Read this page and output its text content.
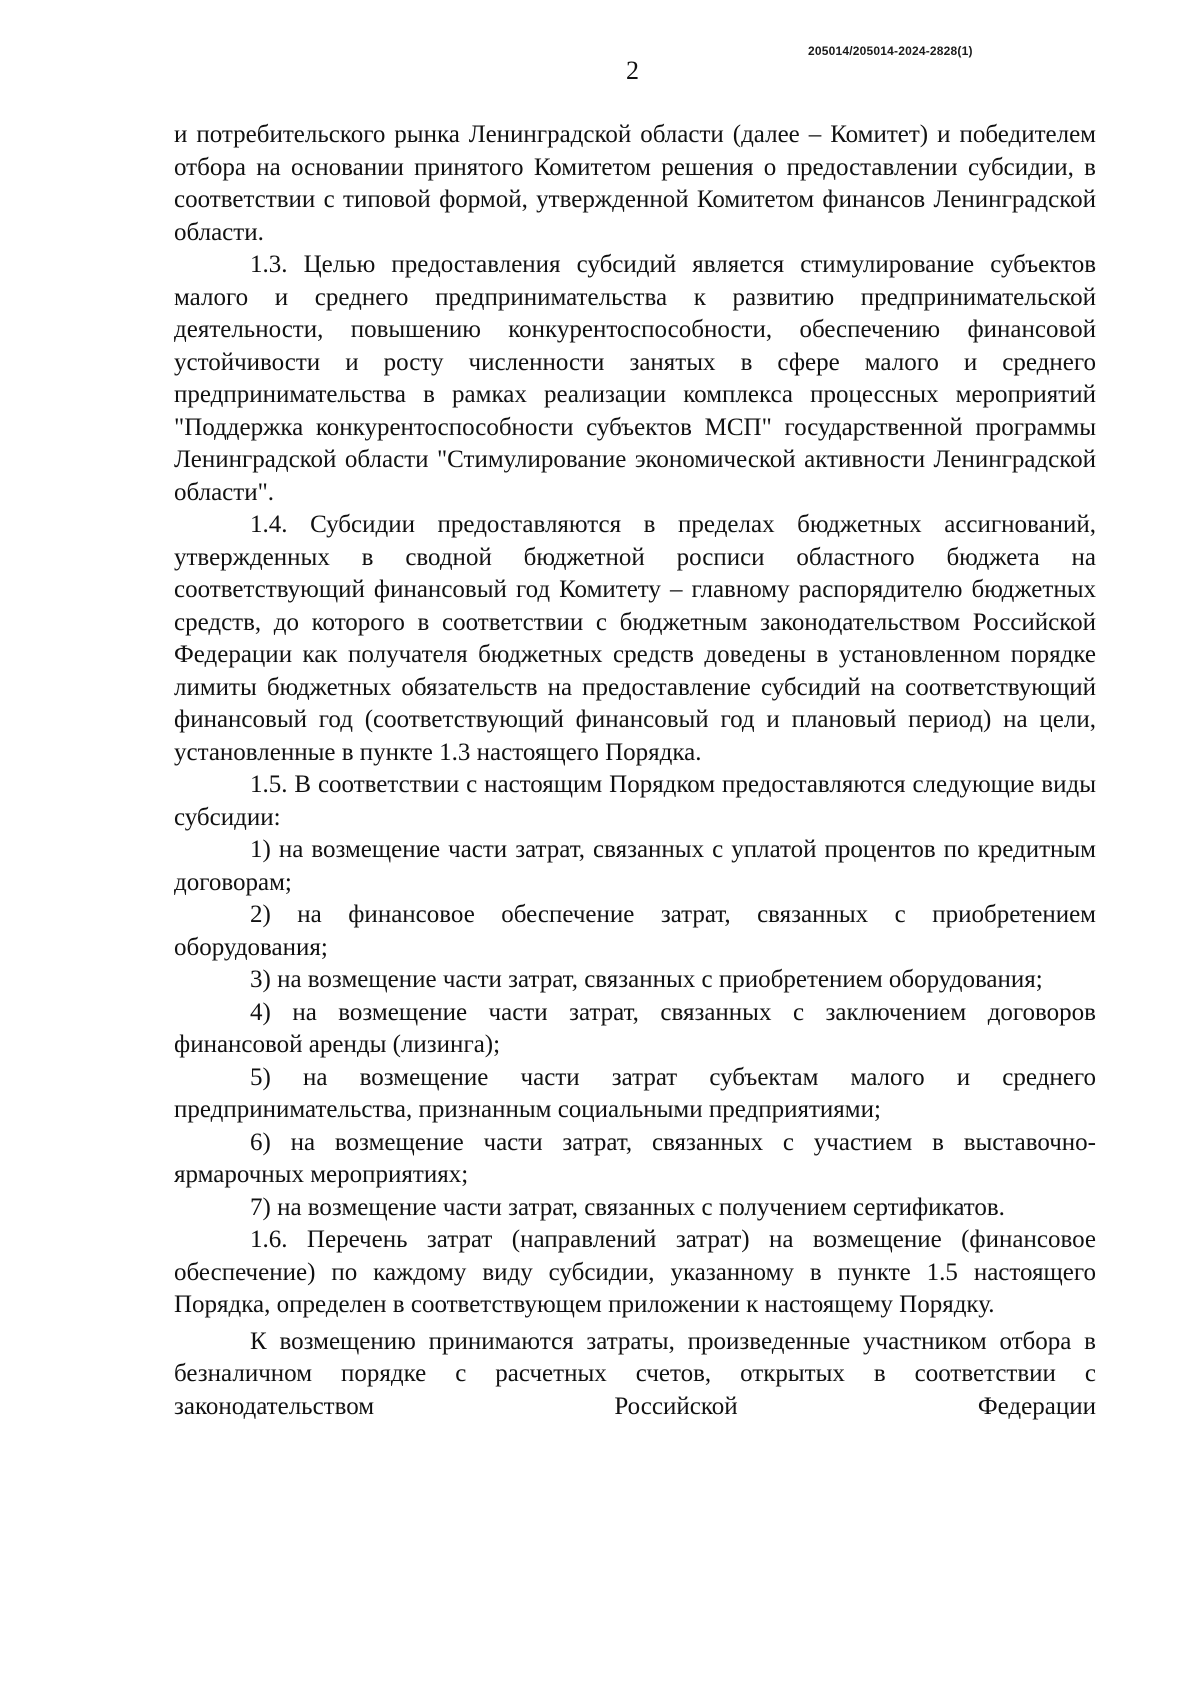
205014/205014-2024-2828(1)
2

и потребительского рынка Ленинградской области (далее – Комитет) и победителем отбора на основании принятого Комитетом решения о предоставлении субсидии, в соответствии с типовой формой, утвержденной Комитетом финансов Ленинградской области.

1.3. Целью предоставления субсидий является стимулирование субъектов малого и среднего предпринимательства к развитию предпринимательской деятельности, повышению конкурентоспособности, обеспечению финансовой устойчивости и росту численности занятых в сфере малого и среднего предпринимательства в рамках реализации комплекса процессных мероприятий "Поддержка конкурентоспособности субъектов МСП" государственной программы Ленинградской области "Стимулирование экономической активности Ленинградской области".

1.4. Субсидии предоставляются в пределах бюджетных ассигнований, утвержденных в сводной бюджетной росписи областного бюджета на соответствующий финансовый год Комитету – главному распорядителю бюджетных средств, до которого в соответствии с бюджетным законодательством Российской Федерации как получателя бюджетных средств доведены в установленном порядке лимиты бюджетных обязательств на предоставление субсидий на соответствующий финансовый год (соответствующий финансовый год и плановый период) на цели, установленные в пункте 1.3 настоящего Порядка.

1.5. В соответствии с настоящим Порядком предоставляются следующие виды субсидии:

1) на возмещение части затрат, связанных с уплатой процентов по кредитным договорам;

2) на финансовое обеспечение затрат, связанных с приобретением оборудования;

3) на возмещение части затрат, связанных с приобретением оборудования;

4) на возмещение части затрат, связанных с заключением договоров финансовой аренды (лизинга);

5) на возмещение части затрат субъектам малого и среднего предпринимательства, признанным социальными предприятиями;

6) на возмещение части затрат, связанных с участием в выставочно-ярмарочных мероприятиях;

7) на возмещение части затрат, связанных с получением сертификатов.

1.6. Перечень затрат (направлений затрат) на возмещение (финансовое обеспечение) по каждому виду субсидии, указанному в пункте 1.5 настоящего Порядка, определен в соответствующем приложении к настоящему Порядку.

К возмещению принимаются затраты, произведенные участником отбора в безналичном порядке с расчетных счетов, открытых в соответствии с законодательством Российской Федерации
